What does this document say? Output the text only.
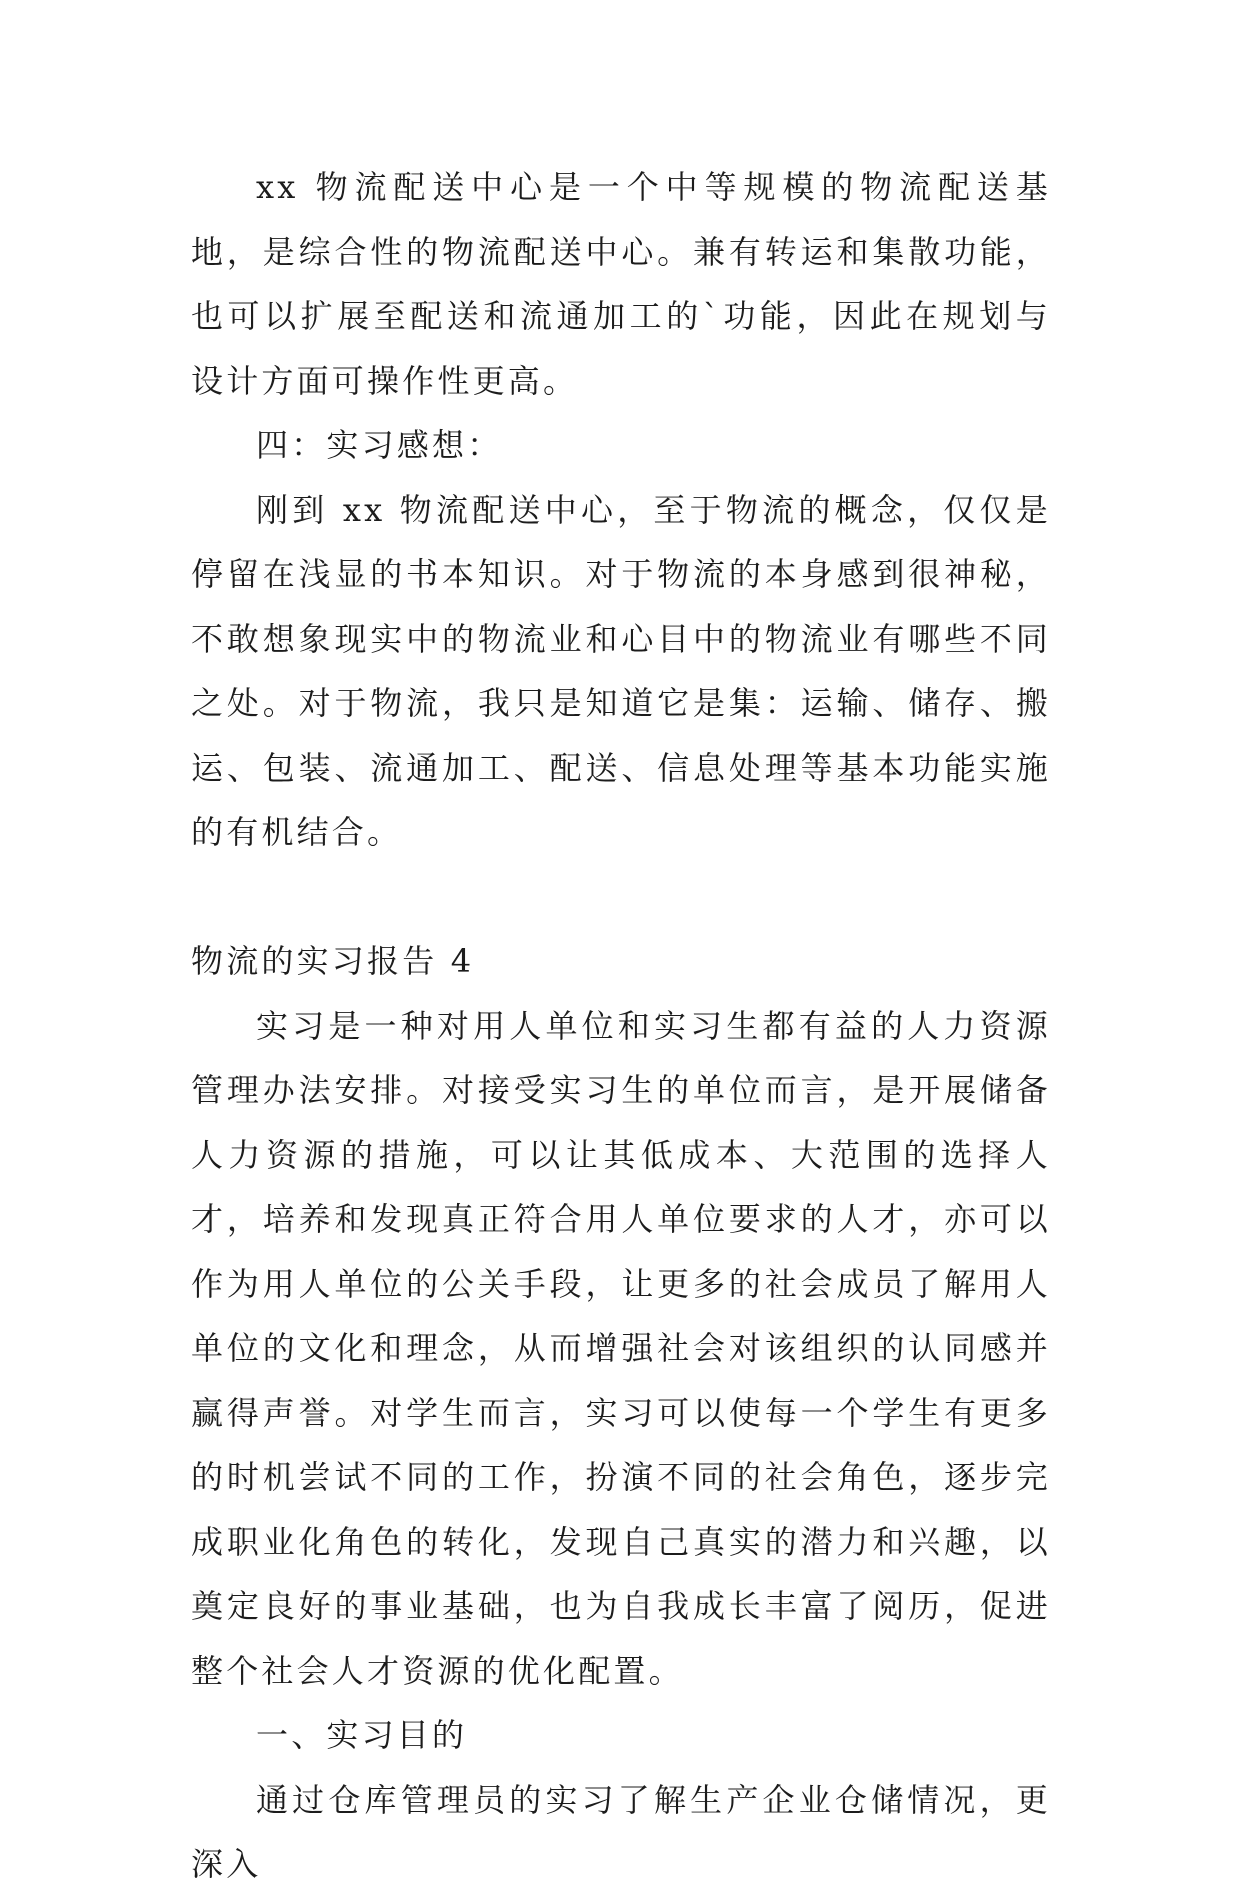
xx 物流配送中心是一个中等规模的物流配送基地，是综合性的物流配送中心。兼有转运和集散功能，也可以扩展至配送和流通加工的`功能，因此在规划与设计方面可操作性更高。

四：实习感想：

刚到 xx 物流配送中心，至于物流的概念，仅仅是停留在浅显的书本知识。对于物流的本身感到很神秘，不敢想象现实中的物流业和心目中的物流业有哪些不同之处。对于物流，我只是知道它是集：运输、储存、搬运、包装、流通加工、配送、信息处理等基本功能实施的有机结合。

物流的实习报告 4

实习是一种对用人单位和实习生都有益的人力资源管理办法安排。对接受实习生的单位而言，是开展储备人力资源的措施，可以让其低成本、大范围的选择人才，培养和发现真正符合用人单位要求的人才，亦可以作为用人单位的公关手段，让更多的社会成员了解用人单位的文化和理念，从而增强社会对该组织的认同感并赢得声誉。对学生而言，实习可以使每一个学生有更多的时机尝试不同的工作，扮演不同的社会角色，逐步完成职业化角色的转化，发现自己真实的潜力和兴趣，以奠定良好的事业基础，也为自我成长丰富了阅历，促进整个社会人才资源的优化配置。

一、实习目的

通过仓库管理员的实习了解生产企业仓储情况，更深入
